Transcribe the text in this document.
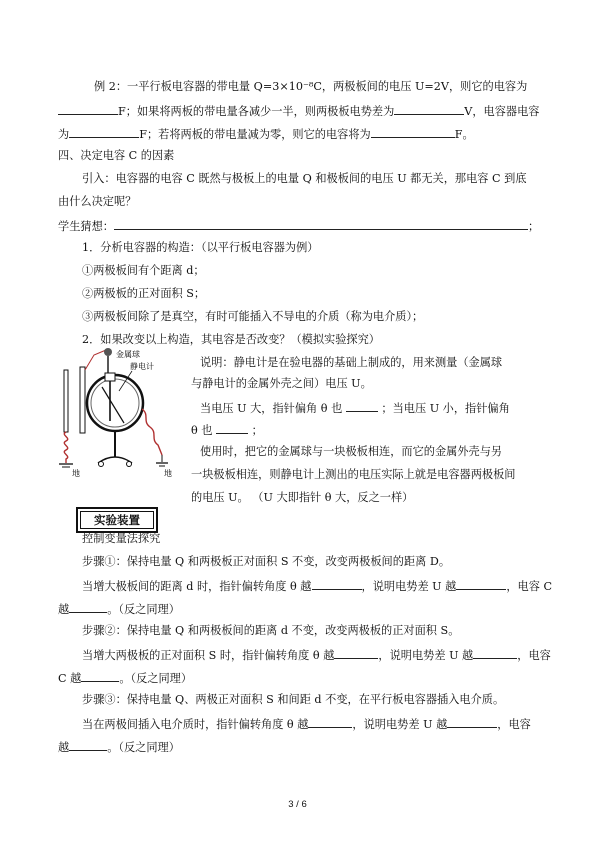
例 2：一平行板电容器的带电量 Q=3×10⁻⁸C，两极板间的电压 U=2V，则它的电容为
F；如果将两板的带电量各减少一半，则两极板电势差为	V，电容器电容
为	F；若将两板的带电量减为零，则它的电容将为	F。
四、决定电容 C 的因素
引入：电容器的电容 C 既然与极板上的电量 Q 和极板间的电压 U 都无关，那电容 C 到底
由什么决定呢？
学生猜想：	；
1．分析电容器的构造：（以平行板电容器为例）
①两极板间有个距离 d；
②两极板的正对面积 S；
③两极板间除了是真空，有时可能插入不导电的介质（称为电介质）；
2．如果改变以上构造，其电容是否改变？（模拟实验探究）
金属球
静电计
地	地
实验装置
说明：静电计是在验电器的基础上制成的，用来测量（金属球
与静电计的金属外壳之间）电压 U。
当电压 U 大，指针偏角 θ 也	；当电压 U 小，指针偏角
θ 也	；
使用时，把它的金属球与一块极板相连，而它的金属外壳与另
一块极板相连，则静电计上测出的电压实际上就是电容器两极板间
的电压 U。 （U 大即指针 θ 大，反之一样）
控制变量法探究
步骤①：保持电量 Q 和两极板正对面积 S 不变，改变两极板间的距离 D。
当增大极板间的距离 d 时，指针偏转角度 θ 越	，说明电势差 U 越	，电容 C
越	。（反之同理）
步骤②：保持电量 Q 和两极板间的距离 d 不变，改变两极板的正对面积 S。
当增大两极板的正对面积 S 时，指针偏转角度 θ 越	，说明电势差 U 越	，电容
C 越	。（反之同理）
步骤③：保持电量 Q、两极正对面积 S 和间距 d 不变，在平行板电容器插入电介质。
当在两极间插入电介质时，指针偏转角度 θ 越	，说明电势差 U 越	，电容
越	。（反之同理）
3 / 6
